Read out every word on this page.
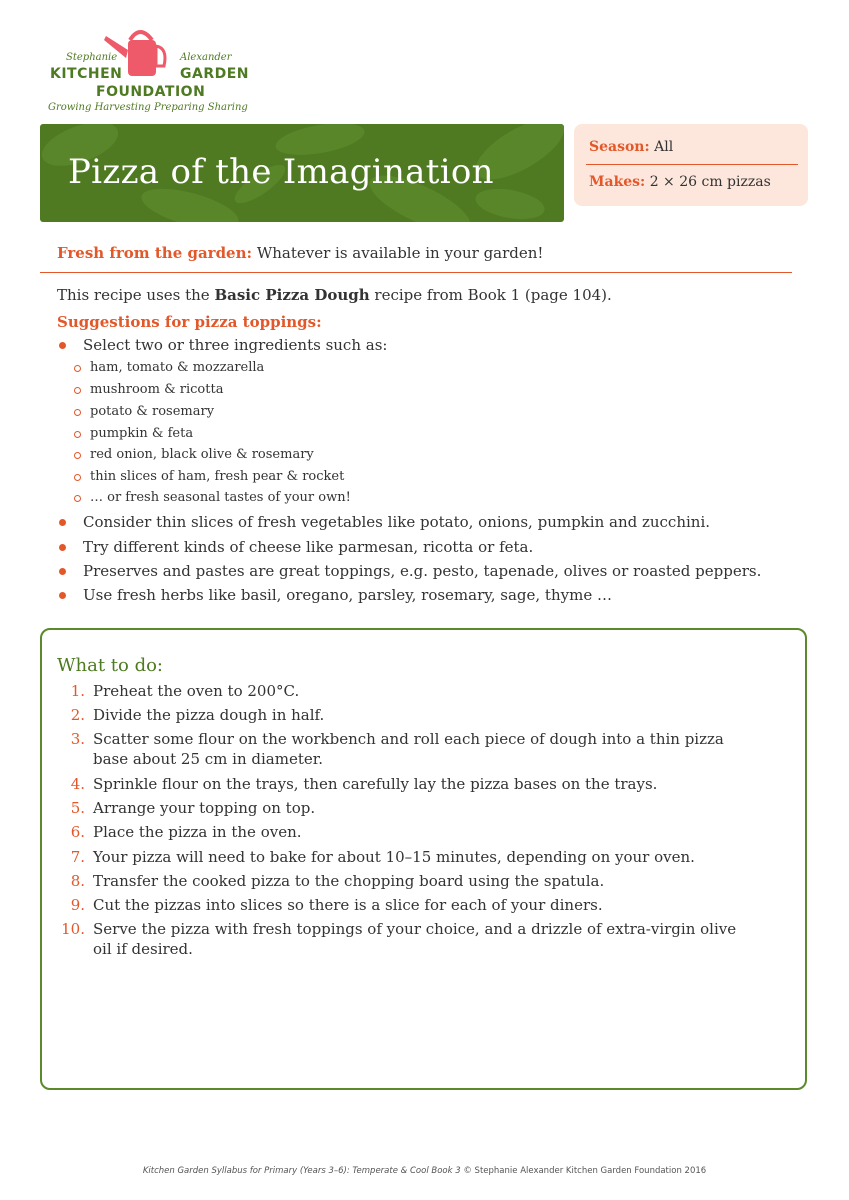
Stephanie	Alexander
KITCHEN	GARDEN
FOUNDATION
Growing Harvesting Preparing Sharing
Pizza of the Imagination
Season: All
Makes: 2 × 26 cm pizzas
Fresh from the garden: Whatever is available in your garden!
This recipe uses the Basic Pizza Dough recipe from Book 1 (page 104).
Suggestions for pizza toppings:
Select two or three ingredients such as:
ham, tomato & mozzarella
mushroom & ricotta
potato & rosemary
pumpkin & feta
red onion, black olive & rosemary
thin slices of ham, fresh pear & rocket
… or fresh seasonal tastes of your own!
Consider thin slices of fresh vegetables like potato, onions, pumpkin and zucchini.
Try different kinds of cheese like parmesan, ricotta or feta.
Preserves and pastes are great toppings, e.g. pesto, tapenade, olives or roasted peppers.
Use fresh herbs like basil, oregano, parsley, rosemary, sage, thyme …
What to do:
1. Preheat the oven to 200°C.
2. Divide the pizza dough in half.
3. Scatter some flour on the workbench and roll each piece of dough into a thin pizza base about 25 cm in diameter.
4. Sprinkle flour on the trays, then carefully lay the pizza bases on the trays.
5. Arrange your topping on top.
6. Place the pizza in the oven.
7. Your pizza will need to bake for about 10–15 minutes, depending on your oven.
8. Transfer the cooked pizza to the chopping board using the spatula.
9. Cut the pizzas into slices so there is a slice for each of your diners.
10. Serve the pizza with fresh toppings of your choice, and a drizzle of extra-virgin olive oil if desired.
Kitchen Garden Syllabus for Primary (Years 3–6): Temperate & Cool Book 3 © Stephanie Alexander Kitchen Garden Foundation 2016
